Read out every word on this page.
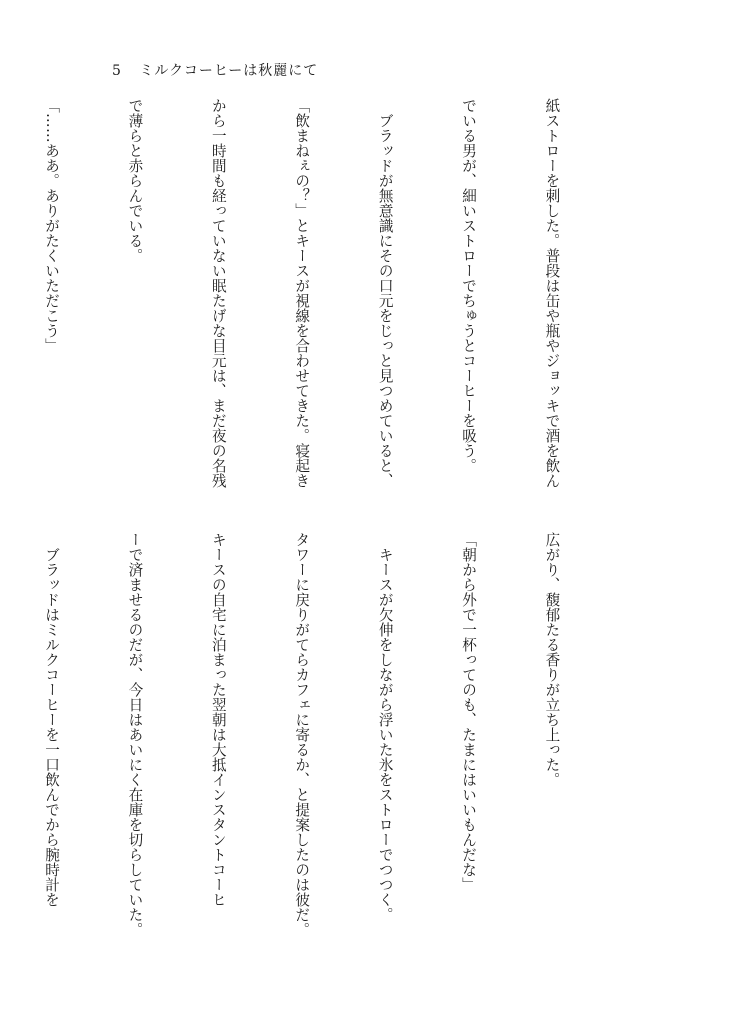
5 ミルクコーヒーは秋麗にて

紙ストローを刺した。普段は缶や瓶やジョッキで酒を飲ん

でいる男が、細いストローでちゅうとコーヒーを吸う。

　ブラッドが無意識にその口元をじっと見つめていると、

「飲まねぇの？」とキースが視線を合わせてきた。寝起き

から一時間も経っていない眠たげな目元は、まだ夜の名残

で薄らと赤らんでいる。

「……ああ。ありがたくいただこう」

広がり、馥郁たる香りが立ち上った。

「朝から外で一杯ってのも、たまにはいいもんだな」

　キースが欠伸をしながら浮いた氷をストローでつつく。

タワーに戻りがてらカフェに寄るか、と提案したのは彼だ。

キースの自宅に泊まった翌朝は大抵インスタントコーヒ

ーで済ませるのだが、今日はあいにく在庫を切らしていた。

　ブラッドはミルクコーヒーを一口飲んでから腕時計を
